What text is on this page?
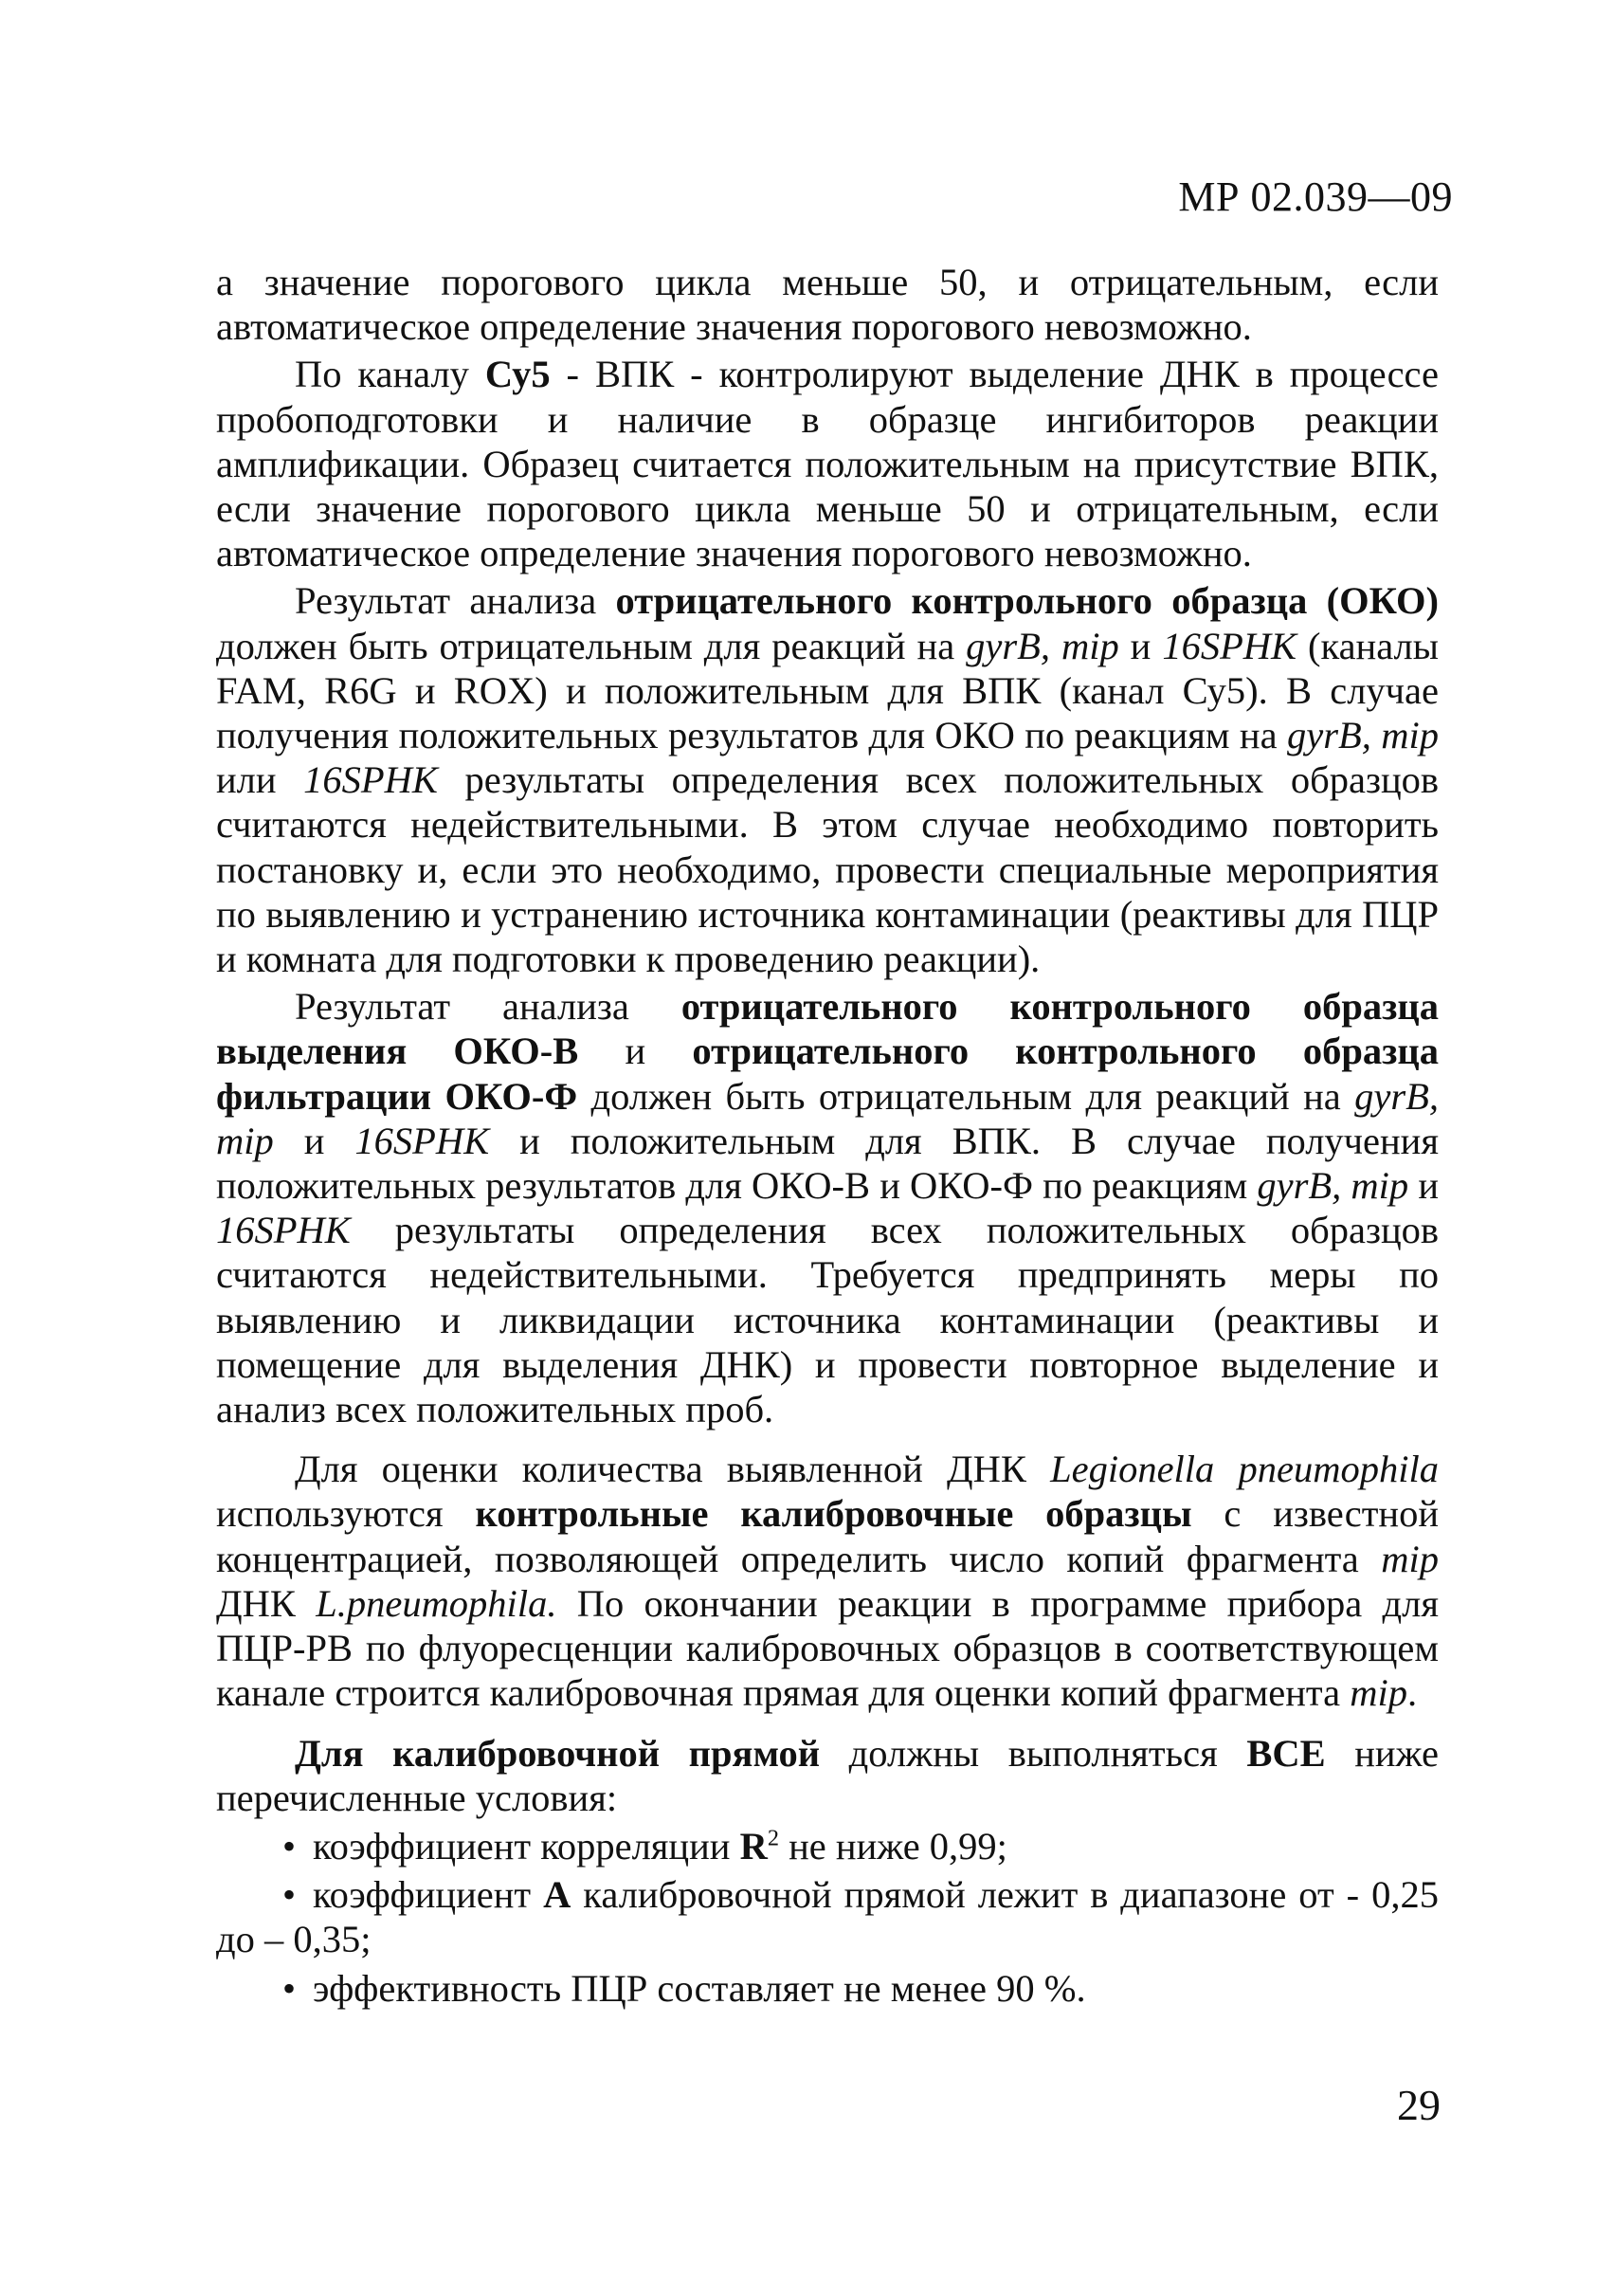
МР 02.039—09

а значение порогового цикла меньше 50, и отрицательным, если автоматическое определение значения порогового невозможно.

По каналу Су5 - ВПК - контролируют выделение ДНК в процессе пробоподготовки и наличие в образце ингибиторов реакции амплификации. Образец считается положительным на присутствие ВПК, если значение порогового цикла меньше 50 и отрицательным, если автоматическое определение значения порогового невозможно.

Результат анализа отрицательного контрольного образца (ОКО) должен быть отрицательным для реакций на gyrB, mip и 16SPHK (каналы FAM, R6G и ROX) и положительным для ВПК (канал Су5). В случае получения положительных результатов для ОКО по реакциям на gyrB, mip или 16SPHK результаты определения всех положительных образцов считаются недействительными. В этом случае необходимо повторить постановку и, если это необходимо, провести специальные мероприятия по выявлению и устранению источника контаминации (реактивы для ПЦР и комната для подготовки к проведению реакции).

Результат анализа отрицательного контрольного образца выделения ОКО-В и отрицательного контрольного образца фильтрации ОКО-Ф должен быть отрицательным для реакций на gyrB, mip и 16SPHK и положительным для ВПК. В случае получения положительных результатов для ОКО-В и ОКО-Ф по реакциям gyrB, mip и 16SPHK результаты определения всех положительных образцов считаются недействительными. Требуется предпринять меры по выявлению и ликвидации источника контаминации (реактивы и помещение для выделения ДНК) и провести повторное выделение и анализ всех положительных проб.

Для оценки количества выявленной ДНК Legionella pneumophila используются контрольные калибровочные образцы с известной концентрацией, позволяющей определить число копий фрагмента mip ДНК L.pneumophila. По окончании реакции в программе прибора для ПЦР-РВ по флуоресценции калибровочных образцов в соответствующем канале строится калибровочная прямая для оценки копий фрагмента mip.

Для калибровочной прямой должны выполняться ВСЕ ниже перечисленные условия:

• коэффициент корреляции $R^2$ не ниже 0,99;
• коэффициент А калибровочной прямой лежит в диапазоне от - 0,25 до – 0,35;
• эффективность ПЦР составляет не менее 90 %.
29
